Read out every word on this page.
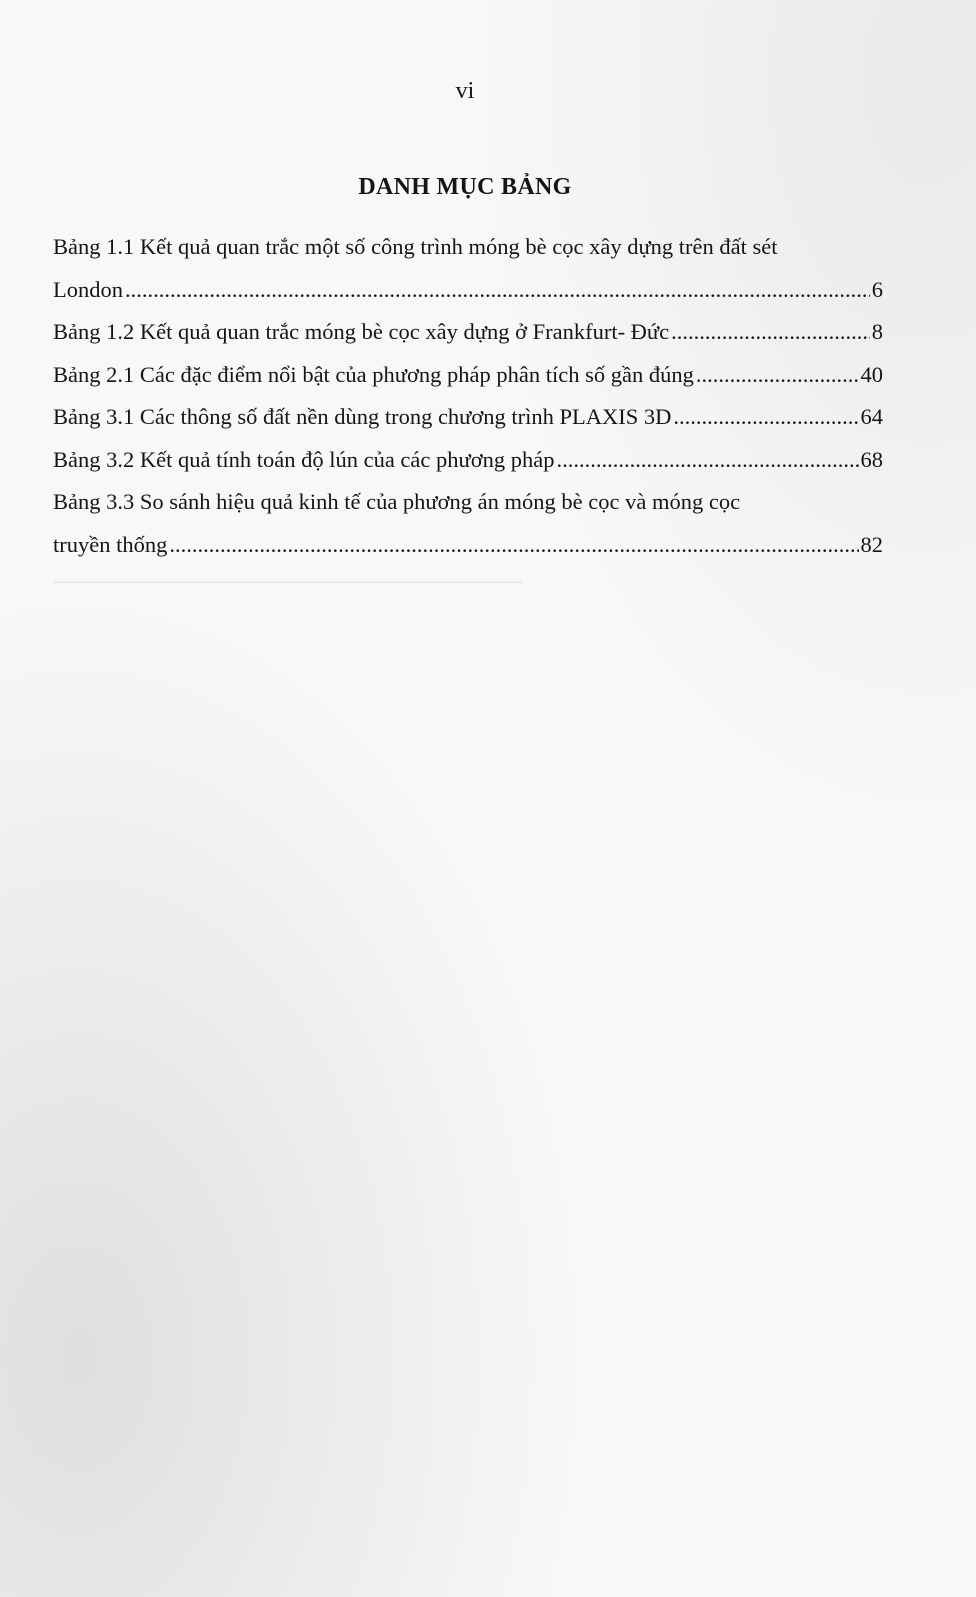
vi
DANH MỤC BẢNG
──────────────────────────────
Bảng 1.1 Kết quả quan trắc một số công trình móng bè cọc xây dựng trên đất sét
London .....	6
Bảng 1.2 Kết quả quan trắc móng bè cọc xây dựng ở Frankfurt- Đức .....	8
Bảng 2.1 Các đặc điểm nổi bật của phương pháp phân tích số gần đúng .....	40
Bảng 3.1 Các thông số đất nền dùng trong chương trình PLAXIS 3D .....	64
Bảng 3.2 Kết quả tính toán độ lún của các phương pháp .....	68
Bảng 3.3 So sánh hiệu quả kinh tế của phương án móng bè cọc và móng cọc
truyền thống .....	82
